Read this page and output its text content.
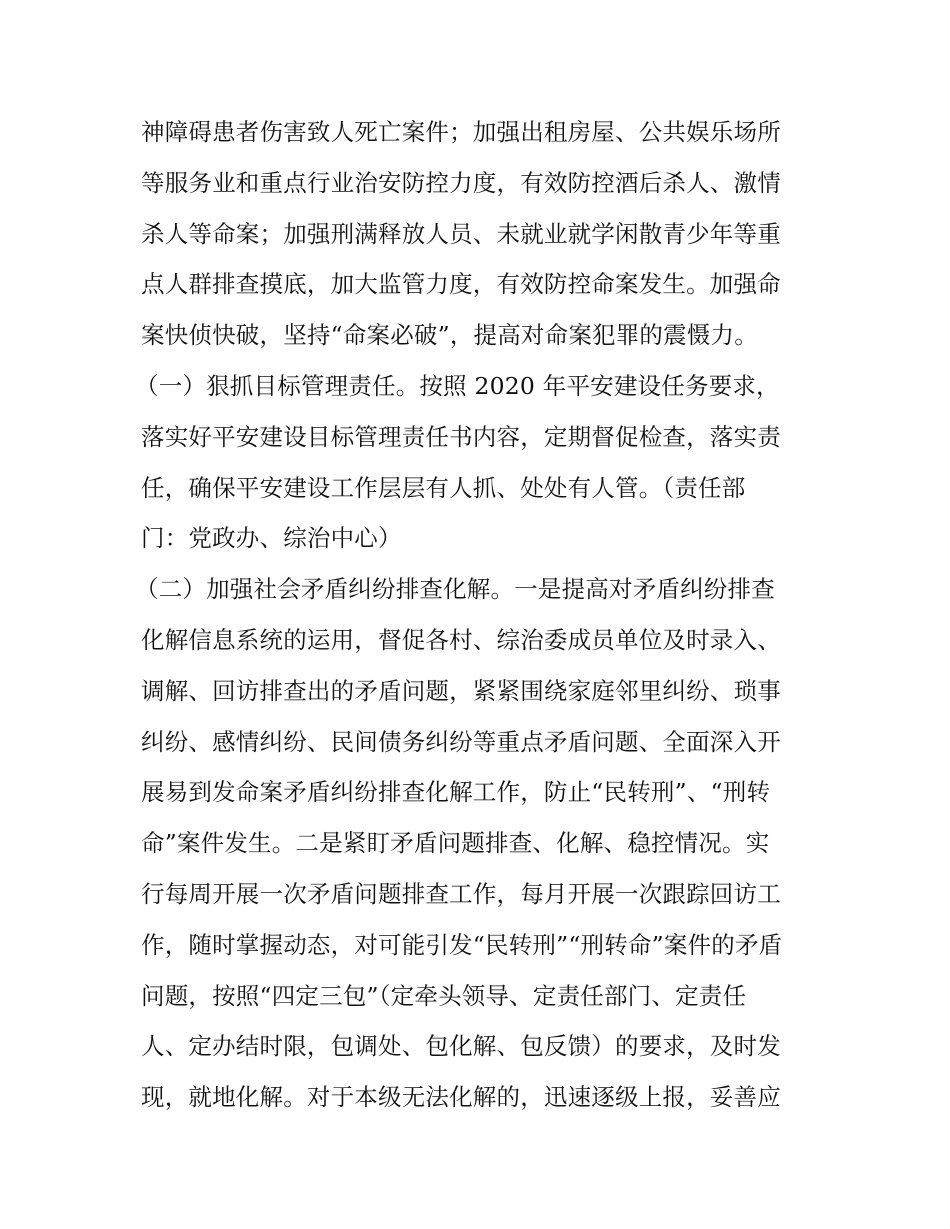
神障碍患者伤害致人死亡案件；加强出租房屋、公共娱乐场所
等服务业和重点行业治安防控力度，有效防控酒后杀人、激情
杀人等命案；加强刑满释放人员、未就业就学闲散青少年等重
点人群排查摸底，加大监管力度，有效防控命案发生。加强命
案快侦快破，坚持“命案必破”，提高对命案犯罪的震慑力。
（一）狠抓目标管理责任。按照 2020 年平安建设任务要求，
落实好平安建设目标管理责任书内容，定期督促检查，落实责
任，确保平安建设工作层层有人抓、处处有人管。（责任部
门：党政办、综治中心）
（二）加强社会矛盾纠纷排查化解。一是提高对矛盾纠纷排查
化解信息系统的运用，督促各村、综治委成员单位及时录入、
调解、回访排查出的矛盾问题，紧紧围绕家庭邻里纠纷、琐事
纠纷、感情纠纷、民间债务纠纷等重点矛盾问题、全面深入开
展易到发命案矛盾纠纷排查化解工作，防止“民转刑”、“刑转
命”案件发生。二是紧盯矛盾问题排查、化解、稳控情况。实
行每周开展一次矛盾问题排查工作，每月开展一次跟踪回访工
作，随时掌握动态，对可能引发“民转刑”“刑转命”案件的矛盾
问题，按照“四定三包”（定牵头领导、定责任部门、定责任
人、定办结时限，包调处、包化解、包反馈）的要求，及时发
现，就地化解。对于本级无法化解的，迅速逐级上报，妥善应
